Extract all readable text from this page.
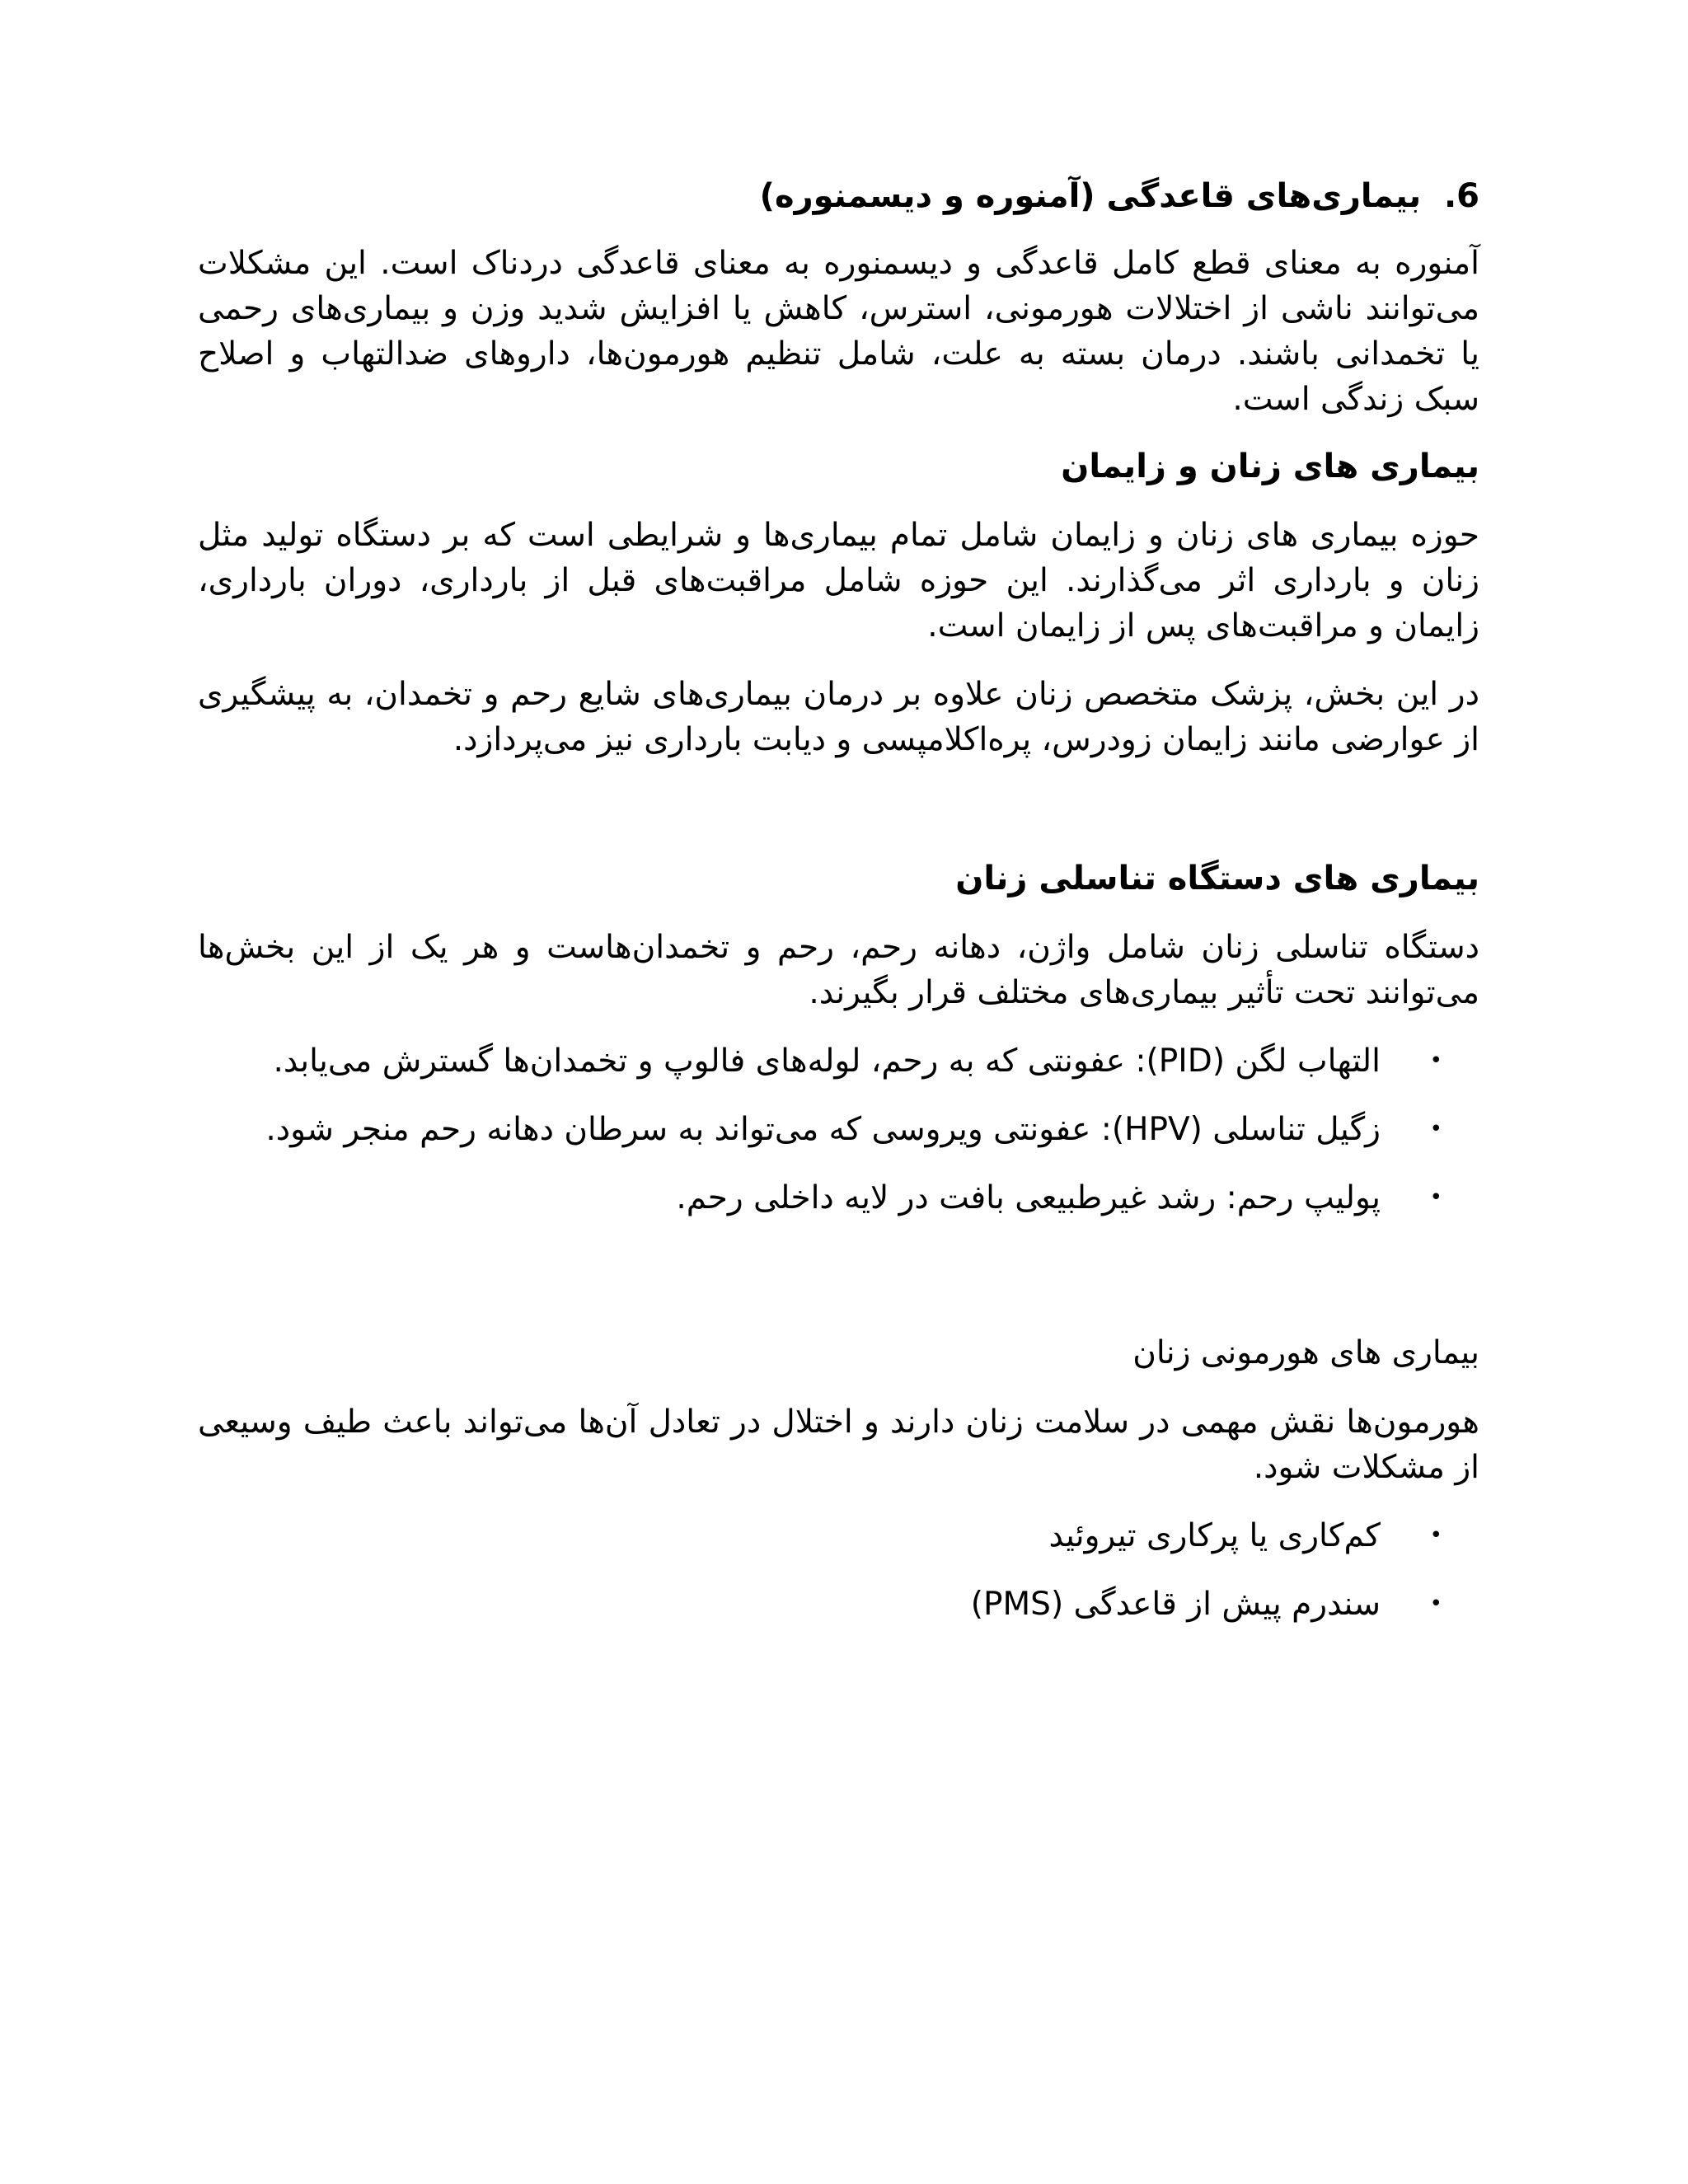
6.  بیماری‌های قاعدگی (آمنوره و دیسمنوره)

آمنوره به معنای قطع کامل قاعدگی و دیسمنوره به معنای قاعدگی دردناک است. این مشکلات می‌توانند ناشی از اختلالات هورمونی، استرس، کاهش یا افزایش شدید وزن و بیماری‌های رحمی یا تخمدانی باشند. درمان بسته به علت، شامل تنظیم هورمون‌ها، داروهای ضدالتهاب و اصلاح سبک زندگی است.

بیماری های زنان و زایمان

حوزه بیماری های زنان و زایمان شامل تمام بیماری‌ها و شرایطی است که بر دستگاه تولید مثل زنان و بارداری اثر می‌گذارند. این حوزه شامل مراقبت‌های قبل از بارداری، دوران بارداری، زایمان و مراقبت‌های پس از زایمان است.

در این بخش، پزشک متخصص زنان علاوه بر درمان بیماری‌های شایع رحم و تخمدان، به پیشگیری از عوارضی مانند زایمان زودرس، پره‌اکلامپسی و دیابت بارداری نیز می‌پردازد.

بیماری های دستگاه تناسلی زنان

دستگاه تناسلی زنان شامل واژن، دهانه رحم، رحم و تخمدان‌هاست و هر یک از این بخش‌ها می‌توانند تحت تأثیر بیماری‌های مختلف قرار بگیرند.

•
التهاب لگن (PID): عفونتی که به رحم، لوله‌های فالوپ و تخمدان‌ها گسترش می‌یابد.
•
زگیل تناسلی (HPV): عفونتی ویروسی که می‌تواند به سرطان دهانه رحم منجر شود.
•
پولیپ رحم: رشد غیرطبیعی بافت در لایه داخلی رحم.
بیماری های هورمونی زنان

هورمون‌ها نقش مهمی در سلامت زنان دارند و اختلال در تعادل آن‌ها می‌تواند باعث طیف وسیعی از مشکلات شود.

•
کم‌کاری یا پرکاری تیروئید
•
سندرم پیش از قاعدگی (PMS)
